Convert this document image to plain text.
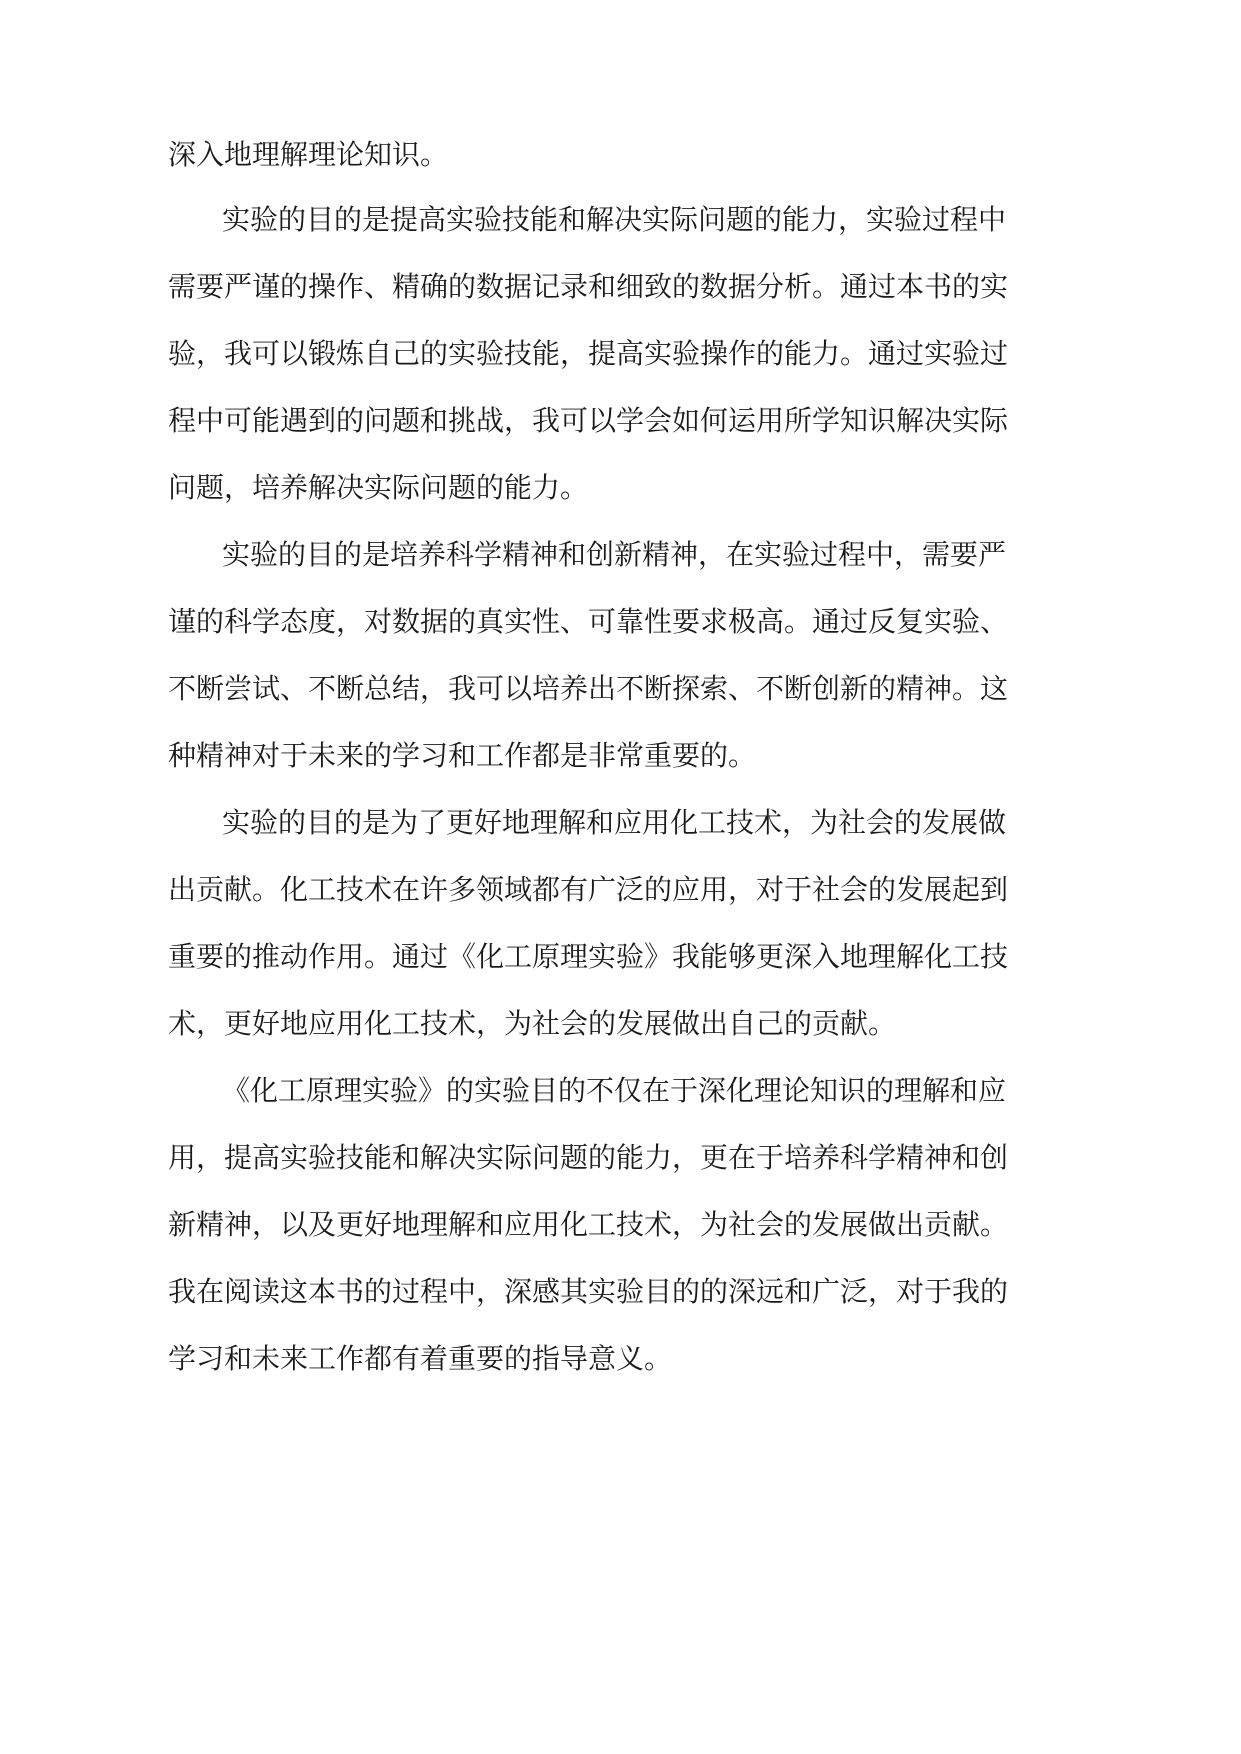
深入地理解理论知识。
实验的目的是提高实验技能和解决实际问题的能力，实验过程中
需要严谨的操作、精确的数据记录和细致的数据分析。通过本书的实
验，我可以锻炼自己的实验技能，提高实验操作的能力。通过实验过
程中可能遇到的问题和挑战，我可以学会如何运用所学知识解决实际
问题，培养解决实际问题的能力。
实验的目的是培养科学精神和创新精神，在实验过程中，需要严
谨的科学态度，对数据的真实性、可靠性要求极高。通过反复实验、
不断尝试、不断总结，我可以培养出不断探索、不断创新的精神。这
种精神对于未来的学习和工作都是非常重要的。
实验的目的是为了更好地理解和应用化工技术，为社会的发展做
出贡献。化工技术在许多领域都有广泛的应用，对于社会的发展起到
重要的推动作用。通过《化工原理实验》我能够更深入地理解化工技
术，更好地应用化工技术，为社会的发展做出自己的贡献。
《化工原理实验》的实验目的不仅在于深化理论知识的理解和应
用，提高实验技能和解决实际问题的能力，更在于培养科学精神和创
新精神，以及更好地理解和应用化工技术，为社会的发展做出贡献。
我在阅读这本书的过程中，深感其实验目的的深远和广泛，对于我的
学习和未来工作都有着重要的指导意义。
